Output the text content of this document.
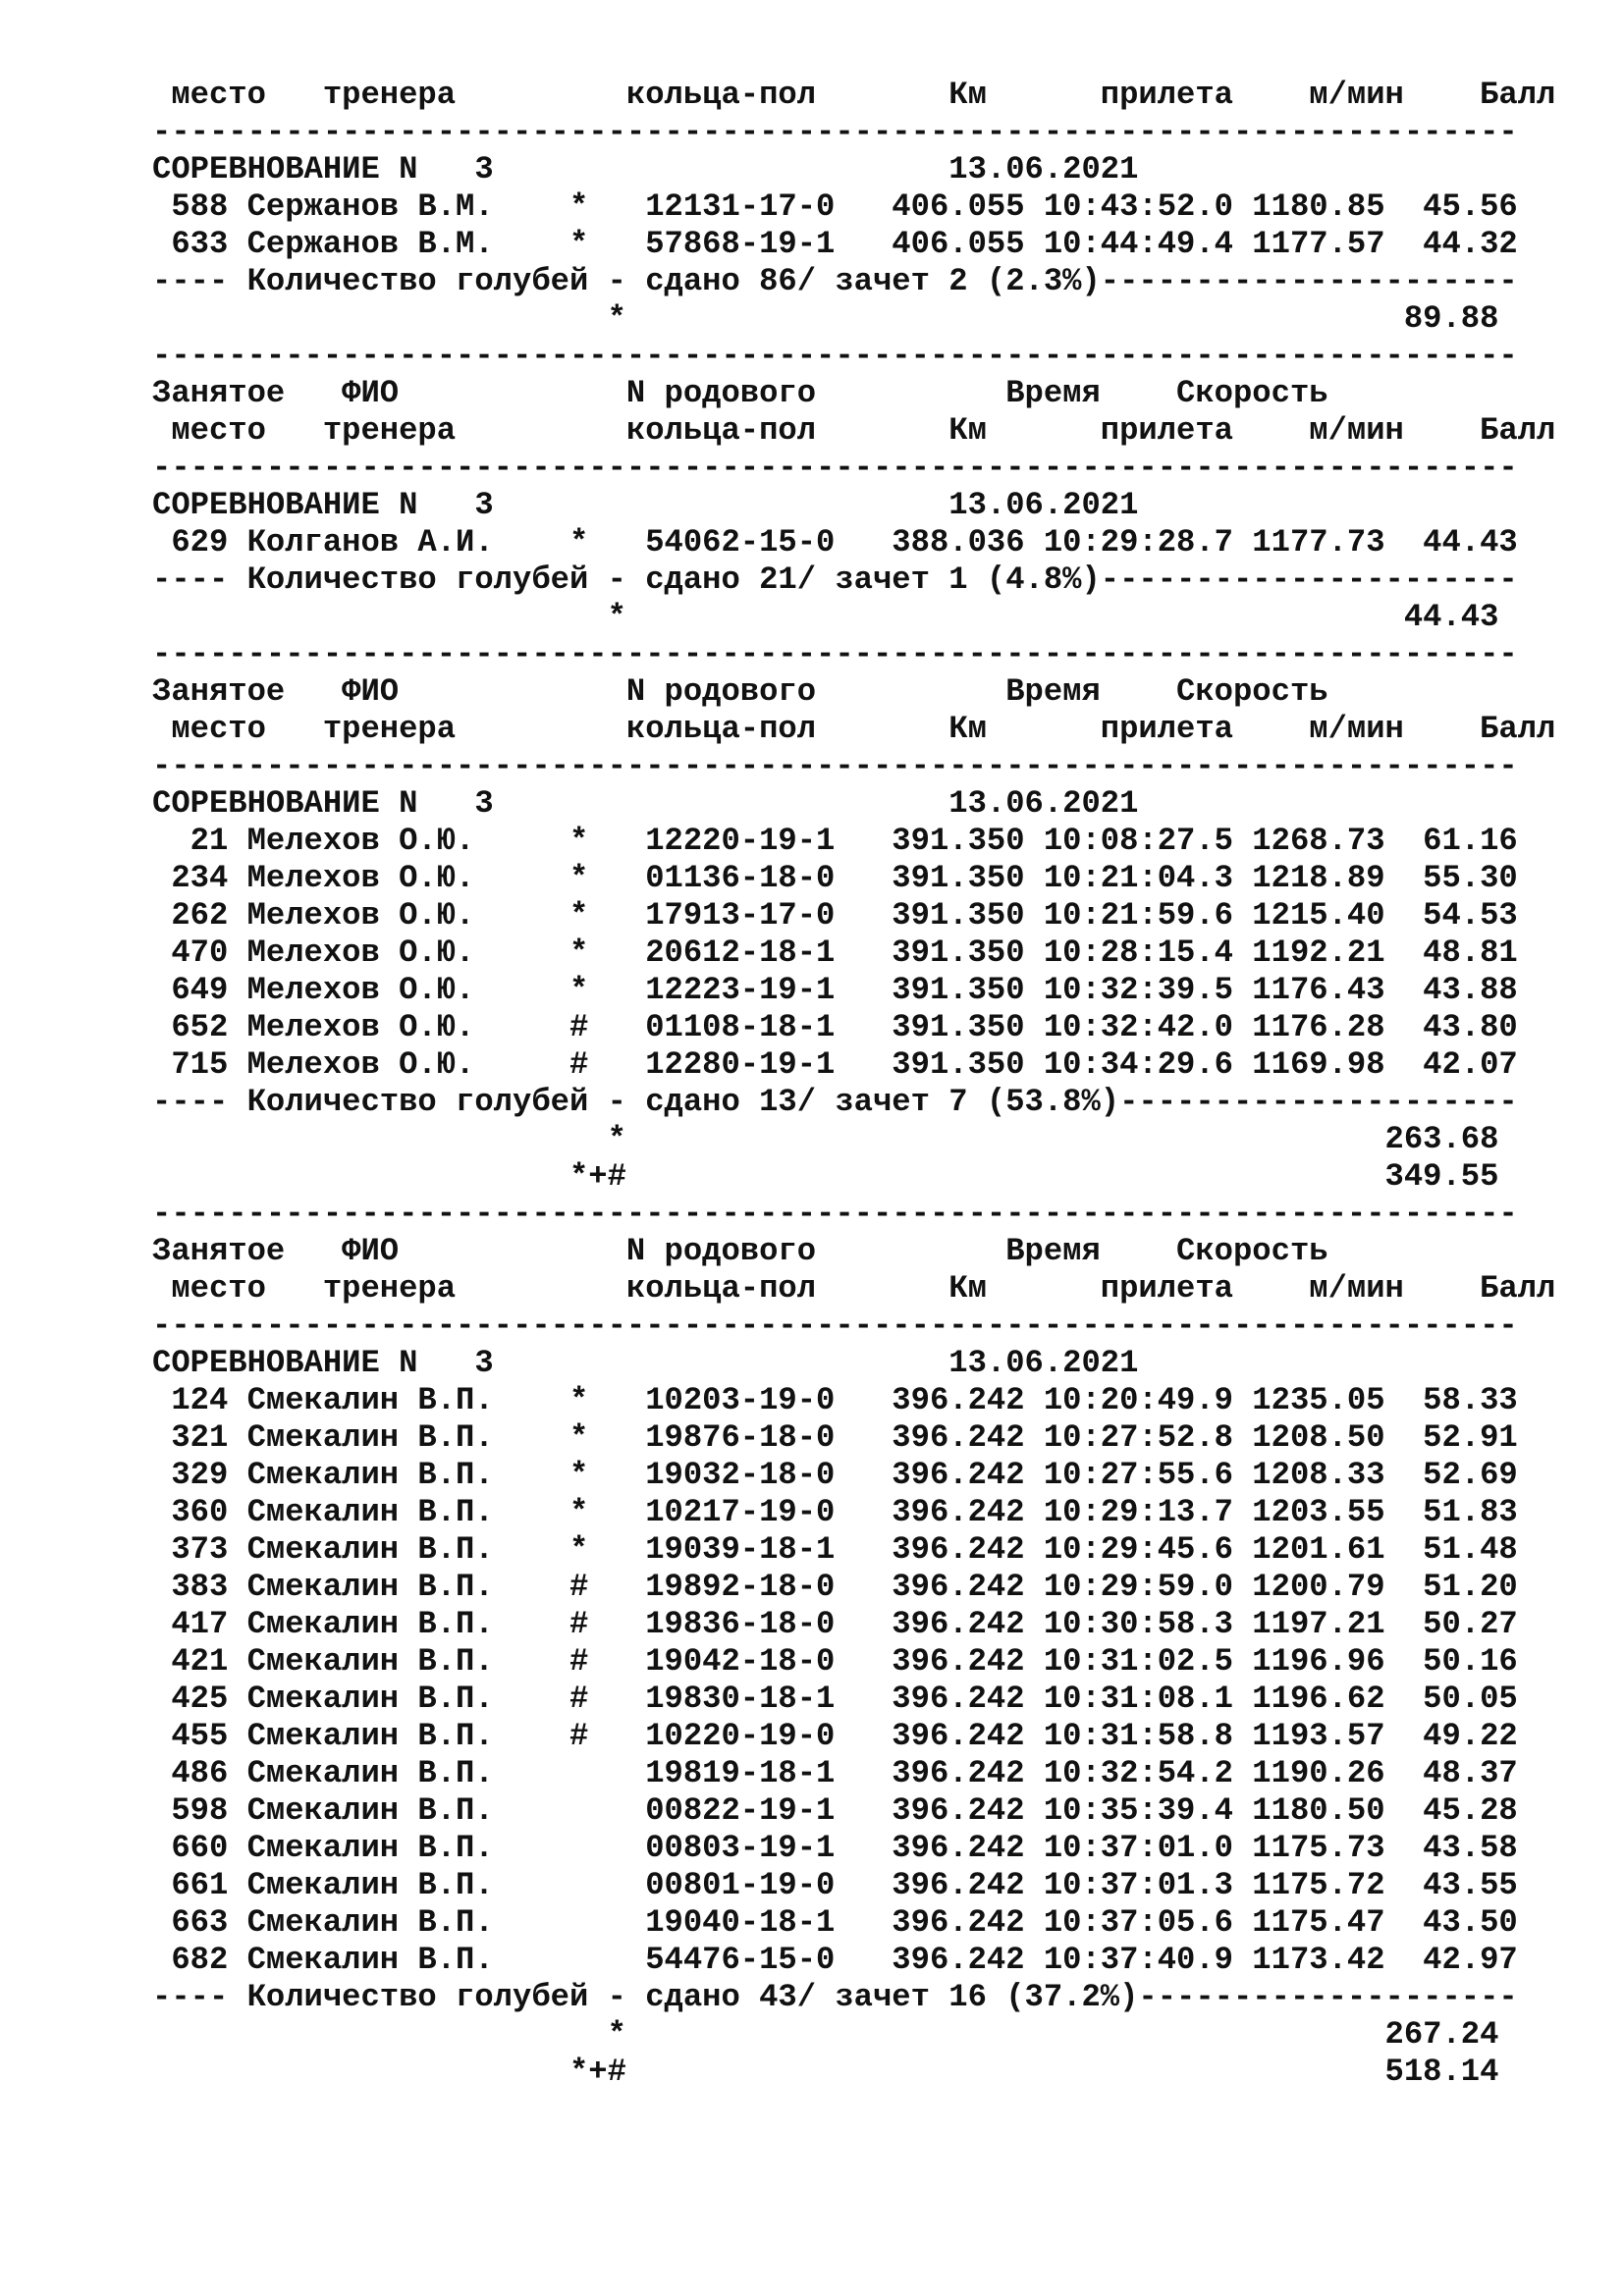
место   тренера         кольца-пол       Км      прилета    м/мин    Балл
------------------------------------------------------------------------
СОРЕВНОВАНИЕ N   3                        13.06.2021
588 Сержанов В.М.    *   12131-17-0   406.055 10:43:52.0 1180.85  45.56
633 Сержанов В.М.    *   57868-19-1   406.055 10:44:49.4 1177.57  44.32
---- Количество голубей - сдано 86/ зачет 2 (2.3%)----------------------
*                                         89.88
------------------------------------------------------------------------
Занятое   ФИО            N родового          Время    Скорость
место   тренера         кольца-пол       Км      прилета    м/мин    Балл
------------------------------------------------------------------------
СОРЕВНОВАНИЕ N   3                        13.06.2021
629 Колганов А.И.    *   54062-15-0   388.036 10:29:28.7 1177.73  44.43
---- Количество голубей - сдано 21/ зачет 1 (4.8%)----------------------
*                                         44.43
------------------------------------------------------------------------
Занятое   ФИО            N родового          Время    Скорость
место   тренера         кольца-пол       Км      прилета    м/мин    Балл
------------------------------------------------------------------------
СОРЕВНОВАНИЕ N   3                        13.06.2021
21 Мелехов О.Ю.     *   12220-19-1   391.350 10:08:27.5 1268.73  61.16
234 Мелехов О.Ю.     *   01136-18-0   391.350 10:21:04.3 1218.89  55.30
262 Мелехов О.Ю.     *   17913-17-0   391.350 10:21:59.6 1215.40  54.53
470 Мелехов О.Ю.     *   20612-18-1   391.350 10:28:15.4 1192.21  48.81
649 Мелехов О.Ю.     *   12223-19-1   391.350 10:32:39.5 1176.43  43.88
652 Мелехов О.Ю.     #   01108-18-1   391.350 10:32:42.0 1176.28  43.80
715 Мелехов О.Ю.     #   12280-19-1   391.350 10:34:29.6 1169.98  42.07
---- Количество голубей - сдано 13/ зачет 7 (53.8%)---------------------
*                                        263.68
*+#                                        349.55
------------------------------------------------------------------------
Занятое   ФИО            N родового          Время    Скорость
место   тренера         кольца-пол       Км      прилета    м/мин    Балл
------------------------------------------------------------------------
СОРЕВНОВАНИЕ N   3                        13.06.2021
124 Смекалин В.П.    *   10203-19-0   396.242 10:20:49.9 1235.05  58.33
321 Смекалин В.П.    *   19876-18-0   396.242 10:27:52.8 1208.50  52.91
329 Смекалин В.П.    *   19032-18-0   396.242 10:27:55.6 1208.33  52.69
360 Смекалин В.П.    *   10217-19-0   396.242 10:29:13.7 1203.55  51.83
373 Смекалин В.П.    *   19039-18-1   396.242 10:29:45.6 1201.61  51.48
383 Смекалин В.П.    #   19892-18-0   396.242 10:29:59.0 1200.79  51.20
417 Смекалин В.П.    #   19836-18-0   396.242 10:30:58.3 1197.21  50.27
421 Смекалин В.П.    #   19042-18-0   396.242 10:31:02.5 1196.96  50.16
425 Смекалин В.П.    #   19830-18-1   396.242 10:31:08.1 1196.62  50.05
455 Смекалин В.П.    #   10220-19-0   396.242 10:31:58.8 1193.57  49.22
486 Смекалин В.П.        19819-18-1   396.242 10:32:54.2 1190.26  48.37
598 Смекалин В.П.        00822-19-1   396.242 10:35:39.4 1180.50  45.28
660 Смекалин В.П.        00803-19-1   396.242 10:37:01.0 1175.73  43.58
661 Смекалин В.П.        00801-19-0   396.242 10:37:01.3 1175.72  43.55
663 Смекалин В.П.        19040-18-1   396.242 10:37:05.6 1175.47  43.50
682 Смекалин В.П.        54476-15-0   396.242 10:37:40.9 1173.42  42.97
---- Количество голубей - сдано 43/ зачет 16 (37.2%)--------------------
*                                        267.24
*+#                                        518.14
